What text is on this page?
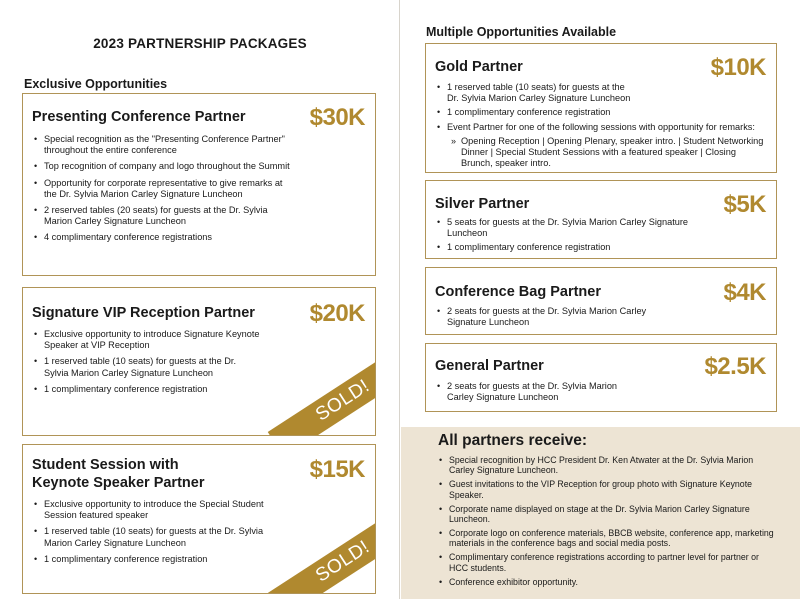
2023 PARTNERSHIP PACKAGES
Exclusive Opportunities
Multiple Opportunities Available
Presenting Conference Partner	$30K
• Special recognition as the "Presenting Conference Partner" throughout the entire conference
• Top recognition of company and logo throughout the Summit
• Opportunity for corporate representative to give remarks at the Dr. Sylvia Marion Carley Signature Luncheon
• 2 reserved tables (20 seats) for guests at the Dr. Sylvia Marion Carley Signature Luncheon
• 4 complimentary conference registrations
Signature VIP Reception Partner $20K
• Exclusive opportunity to introduce Signature Keynote Speaker at VIP Reception
• 1 reserved table (10 seats) for guests at the Dr. Sylvia Marion Carley Signature Luncheon
• 1 complimentary conference registration	SOLD!
Student Session with
Keynote Speaker Partner	$15K
• Exclusive opportunity to introduce the Special Student Session featured speaker
• 1 reserved table (10 seats) for guests at the Dr. Sylvia Marion Carley Signature Luncheon
• 1 complimentary conference registration	SOLD!
Gold Partner	$10K
• 1 reserved table (10 seats) for guests at the Dr. Sylvia Marion Carley Signature Luncheon
• 1 complimentary conference registration
• Event Partner for one of the following sessions with opportunity for remarks:
» Opening Reception | Opening Plenary, speaker intro. | Student Networking Dinner | Special Student Sessions with a featured speaker | Closing Brunch, speaker intro.
Silver Partner	$5K
• 5 seats for guests at the Dr. Sylvia Marion Carley Signature Luncheon
• 1 complimentary conference registration
Conference Bag Partner	$4K
• 2 seats for guests at the Dr. Sylvia Marion Carley Signature Luncheon
General Partner	$2.5K
• 2 seats for guests at the Dr. Sylvia Marion Carley Signature Luncheon
All partners receive:
• Special recognition by HCC President Dr. Ken Atwater at the Dr. Sylvia Marion Carley Signature Luncheon.
• Guest invitations to the VIP Reception for group photo with Signature Keynote Speaker.
• Corporate name displayed on stage at the Dr. Sylvia Marion Carley Signature Luncheon.
• Corporate logo on conference materials, BBCB website, conference app, marketing materials in the conference bags and social media posts.
• Complimentary conference registrations according to partner level for partner or HCC students.
• Conference exhibitor opportunity.
